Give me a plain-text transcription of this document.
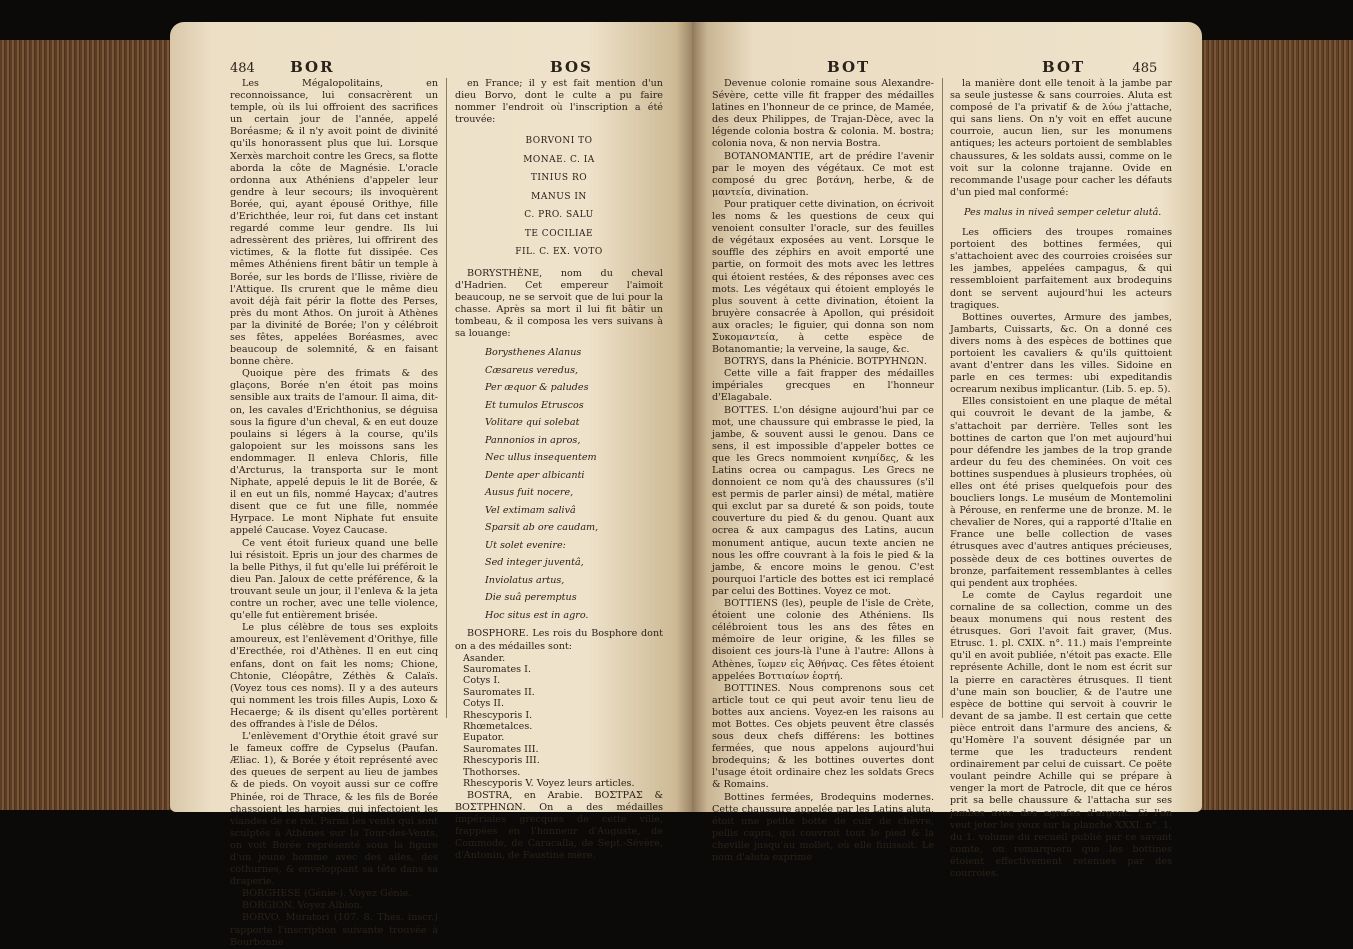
484 BOR	BOS

Les Mégalopolitains, en reconnoissance, lui consacrèrent un temple, où ils lui offroient des sacrifices un certain jour de l'année, appelé Boréasme; & il n'y avoit point de divinité qu'ils honorassent plus que lui. Lorsque Xerxès marchoit contre les Grecs, sa flotte aborda la côte de Magnésie. L'oracle ordonna aux Athéniens d'appeler leur gendre à leur secours; ils invoquèrent Borée, qui, ayant épousé Orithye, fille d'Erichthée, leur roi, fut dans cet instant regardé comme leur gendre. Ils lui adressèrent des prières, lui offrirent des victimes, & la flotte fut dissipée. Ces mêmes Athéniens firent bâtir un temple à Borée, sur les bords de l'Ilisse, rivière de l'Attique. Ils crurent que le même dieu avoit déjà fait périr la flotte des Perses, près du mont Athos. On juroit à Athènes par la divinité de Borée; l'on y célébroit ses fêtes, appelées Boréasmes, avec beaucoup de solemnité, & en faisant bonne chère.

Quoique père des frimats & des glaçons, Borée n'en étoit pas moins sensible aux traits de l'amour. Il aima, dit-on, les cavales d'Erichthonius, se déguisa sous la figure d'un cheval, & en eut douze poulains si légers à la course, qu'ils galopoient sur les moissons sans les endommager. Il enleva Chloris, fille d'Arcturus, la transporta sur le mont Niphate, appelé depuis le lit de Borée, & il en eut un fils, nommé Haycax; d'autres disent que ce fut une fille, nommée Hyrpace. Le mont Niphate fut ensuite appelé Caucase. Voyez Caucase.

Ce vent étoit furieux quand une belle lui résistoit. Epris un jour des charmes de la belle Pithys, il fut qu'elle lui préféroit le dieu Pan. Jaloux de cette préférence, & la trouvant seule un jour, il l'enleva & la jeta contre un rocher, avec une telle violence, qu'elle fut entièrement brisée.

Le plus célèbre de tous ses exploits amoureux, est l'enlèvement d'Orithye, fille d'Erecthée, roi d'Athènes. Il en eut cinq enfans, dont on fait les noms; Chione, Chtonie, Cléopâtre, Zéthès & Calaïs. (Voyez tous ces noms). Il y a des auteurs qui nomment les trois filles Aupis, Loxo & Hecaerge; & ils disent qu'elles portèrent des offrandes à l'isle de Délos.

L'enlèvement d'Orythie étoit gravé sur le fameux coffre de Cypselus (Paufan. Æliac. 1), & Borée y étoit représenté avec des queues de serpent au lieu de jambes & de pieds. On voyoit aussi sur ce coffre Phinée, roi de Thrace, & les fils de Borée chassoient les harpies, qui infectoient les viandes de ce roi. Parmi les vents qui sont sculptés à Athènes sur la Tour-des-Vents, on voit Borée représenté sous la figure d'un jeune homme avec des ailes, des cothurnes, & enveloppant sa tête dans sa draperie.

BORGHESE (Génie-). Voyez Génie.

BORGION. Voyez Albion.

BORVO. Muratori (107. 8. Thes. inscr.) rapporte l'inscription suivante trouvée à Bourbonne

en France; il y est fait mention d'un dieu Borvo, dont le culte a pu faire nommer l'endroit où l'inscription a été trouvée:

BORVONI TO
MONAE. C. IA
TINIUS RO
MANUS IN
C. PRO. SALU
TE COCILIAE
FIL. C. EX. VOTO

BORYSTHÈNE, nom du cheval d'Hadrien. Cet empereur l'aimoit beaucoup, ne se servoit que de lui pour la chasse. Après sa mort il lui fit bâtir un tombeau, & il composa les vers suivans à sa louange:

Borysthenes Alanus
Cæsareus veredus,
Per æquor & paludes
Et tumulos Etruscos
Volitare qui solebat
Pannonios in apros,
Nec ullus insequentem
Dente aper albicanti
Ausus fuit nocere,
Vel extimam salivâ
Sparsit ab ore caudam,
Ut solet evenire:
Sed integer juventâ,
Inviolatus artus,
Die suâ peremptus
Hoc situs est in agro.

BOSPHORE. Les rois du Bosphore dont on a des médailles sont:

Asander.
Sauromates I.
Cotys I.
Sauromates II.
Cotys II.
Rhescyporis I.
Rhœmetalces.
Eupator.
Sauromates III.
Rhescyporis III.
Thothorses.
Rhescyporis V. Voyez leurs articles.

BOSTRA, en Arabie. ΒΟΣΤΡΑΣ & ΒΟΣΤΡΗΝΩΝ. On a des médailles impériales grecques de cette ville, frappées en l'honneur d'Auguste, de Commode, de Caracalla, de Sept.-Sévère, d'Antonin, de Faustine mère.

BOT	BOT	485

Devenue colonie romaine sous Alexandre-Sévère, cette ville fit frapper des médailles latines en l'honneur de ce prince, de Mamée, des deux Philippes, de Trajan-Dèce, avec la légende colonia bostra & colonia. M. bostra; colonia nova, & non nervia Bostra.

BOTANOMANTIE, art de prédire l'avenir par le moyen des végétaux. Ce mot est composé du grec βοτάνη, herbe, & de μαντεία, divination.

Pour pratiquer cette divination, on écrivoit les noms & les questions de ceux qui venoient consulter l'oracle, sur des feuilles de végétaux exposées au vent. Lorsque le souffle des zéphirs en avoit emporté une partie, on formoit des mots avec les lettres qui étoient restées, & des réponses avec ces mots. Les végétaux qui étoient employés le plus souvent à cette divination, étoient la bruyère consacrée à Apollon, qui présidoit aux oracles; le figuier, qui donna son nom Συκομαντεία, à cette espèce de Botanomantie; la verveine, la sauge, &c.

BOTRYS, dans la Phénicie. ΒΟΤΡΥΗΝΩΝ.

Cette ville a fait frapper des médailles impériales grecques en l'honneur d'Elagabale.

BOTTES. L'on désigne aujourd'hui par ce mot, une chaussure qui embrasse le pied, la jambe, & souvent aussi le genou. Dans ce sens, il est impossible d'appeler bottes ce que les Grecs nommoient κνημίδες, & les Latins ocrea ou campagus. Les Grecs ne donnoient ce nom qu'à des chaussures (s'il est permis de parler ainsi) de métal, matière qui exclut par sa dureté & son poids, toute couverture du pied & du genou. Quant aux ocrea & aux campagus des Latins, aucun monument antique, aucun texte ancien ne nous les offre couvrant à la fois le pied & la jambe, & encore moins le genou. C'est pourquoi l'article des bottes est ici remplacé par celui des Bottines. Voyez ce mot.

BOTTIENS (les), peuple de l'isle de Crète, étoient une colonie des Athéniens. Ils célébroient tous les ans des fêtes en mémoire de leur origine, & les filles se disoient ces jours-là l'une à l'autre: Allons à Athènes, ἴωμεν εἰς Ἀθήνας. Ces fêtes étoient appelées Βοττιαίων ἑορτή.

BOTTINES. Nous comprenons sous cet article tout ce qui peut avoir tenu lieu de bottes aux anciens. Voyez-en les raisons au mot Bottes. Ces objets peuvent être classés sous deux chefs différens: les bottines fermées, que nous appelons aujourd'hui brodequins; & les bottines ouvertes dont l'usage étoit ordinaire chez les soldats Grecs & Romains.

Bottines fermées, Brodequins modernes. Cette chaussure appelée par les Latins aluta, étoit une petite botte de cuir de chèvre, pellis capra, qui couvroit tout le pied & la cheville jusqu'au mollet, où elle finissoit. Le nom d'aluta exprime

la manière dont elle tenoit à la jambe par sa seule justesse & sans courroies. Aluta est composé de l'a privatif & de λύω j'attache, qui sans liens. On n'y voit en effet aucune courroie, aucun lien, sur les monumens antiques; les acteurs portoient de semblables chaussures, & les soldats aussi, comme on le voit sur la colonne trajanne. Ovide en recommande l'usage pour cacher les défauts d'un pied mal conformé:

Pes malus in niveâ semper celetur alutâ.

Les officiers des troupes romaines portoient des bottines fermées, qui s'attachoient avec des courroies croisées sur les jambes, appelées campagus, & qui ressembloient parfaitement aux brodequins dont se servent aujourd'hui les acteurs tragiques.

Bottines ouvertes, Armure des jambes, Jambarts, Cuissarts, &c. On a donné ces divers noms à des espèces de bottines que portoient les cavaliers & qu'ils quittoient avant d'entrer dans les villes. Sidoine en parle en ces termes: ubi expeditandis ocrearum nexibus implicantur. (Lib. 5. ep. 5).

Elles consistoient en une plaque de métal qui couvroit le devant de la jambe, & s'attachoit par derrière. Telles sont les bottines de carton que l'on met aujourd'hui pour défendre les jambes de la trop grande ardeur du feu des cheminées. On voit ces bottines suspendues à plusieurs trophées, où elles ont été prises quelquefois pour des boucliers longs. Le muséum de Montemolini à Pérouse, en renferme une de bronze. M. le chevalier de Nores, qui a rapporté d'Italie en France une belle collection de vases étrusques avec d'autres antiques précieuses, possède deux de ces bottines ouvertes de bronze, parfaitement ressemblantes à celles qui pendent aux trophées.

Le comte de Caylus regardoit une cornaline de sa collection, comme un des beaux monumens qui nous restent des étrusques. Gori l'avoit fait graver, (Mus. Etrusc. 1. pl. CXIX. n°. 11.) mais l'empreinte qu'il en avoit publiée, n'étoit pas exacte. Elle représente Achille, dont le nom est écrit sur la pierre en caractères étrusques. Il tient d'une main son bouclier, & de l'autre une espèce de bottine qui servoit à couvrir le devant de sa jambe. Il est certain que cette pièce entroit dans l'armure des anciens, & qu'Homère l'a souvent désignée par un terme que les traducteurs rendent ordinairement par celui de cuissart. Ce poëte voulant peindre Achille qui se prépare à venger la mort de Patrocle, dit que ce héros prit sa belle chaussure & l'attacha sur ses jambes avec des agrafes d'argent. Si l'on veut jeter les yeux sur la planche XXXI. n°. 1. du 1. volume du recueil publié par ce savant comte, on remarquera que les bottines étoient effectivement retenues par des courroies.
